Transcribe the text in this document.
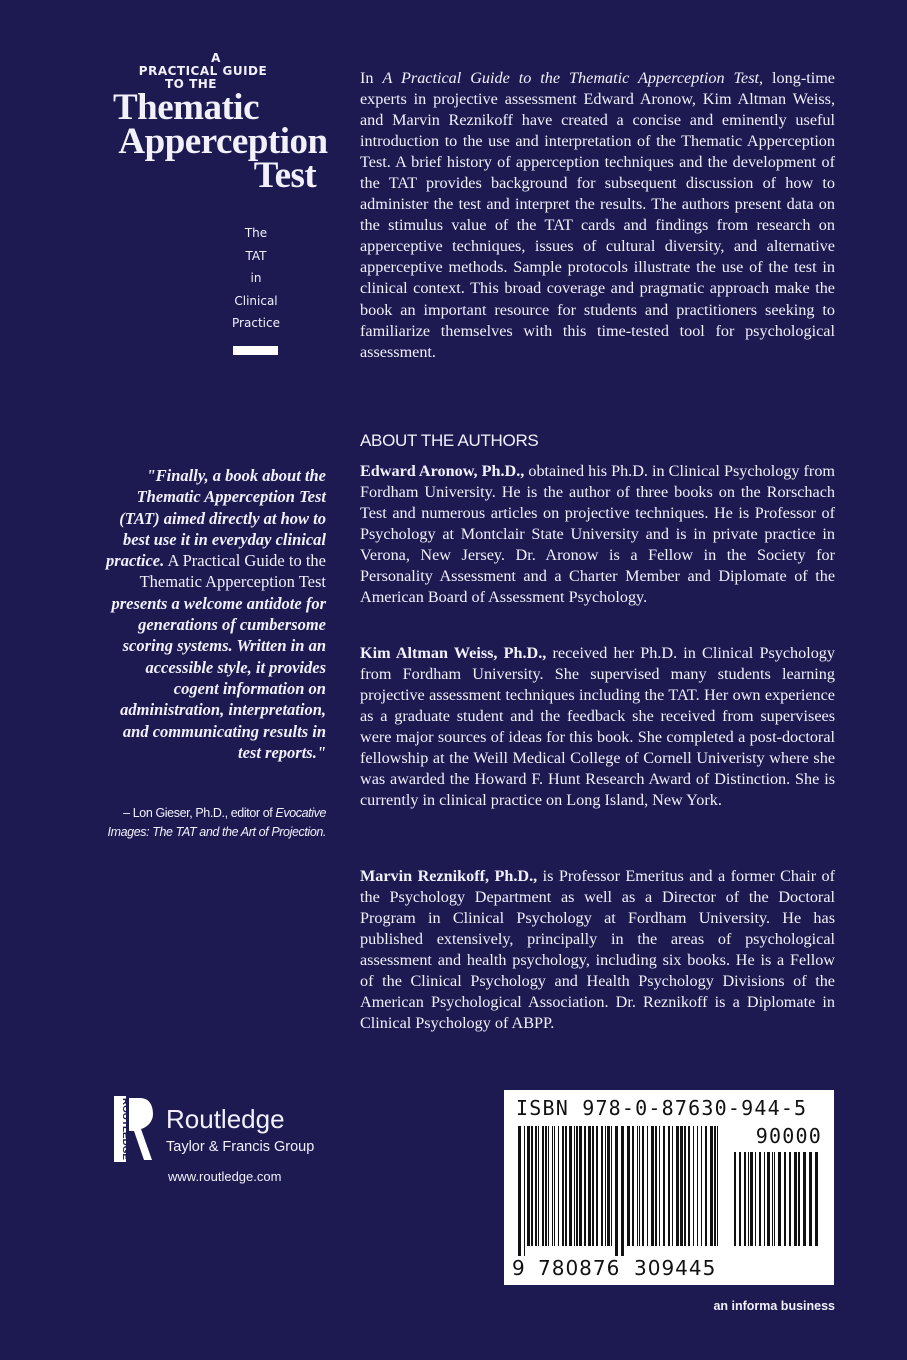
A
PRACTICAL GUIDE
TO THE
Thematic
Apperception
Test
The
TAT
in
Clinical
Practice
"Finally, a book about the Thematic Apperception Test (TAT) aimed directly at how to best use it in everyday clinical practice. A Practical Guide to the Thematic Apperception Test presents a welcome antidote for generations of cumbersome scoring systems. Written in an accessible style, it provides cogent information on administration, interpretation, and communicating results in test reports."
– Lon Gieser, Ph.D., editor of Evocative Images: The TAT and the Art of Projection.
ROUTLEDGE Routledge
Taylor & Francis Group
www.routledge.com

In A Practical Guide to the Thematic Apperception Test, long-time experts in projective assessment Edward Aronow, Kim Altman Weiss, and Marvin Reznikoff have created a concise and eminently useful introduction to the use and interpretation of the Thematic Apperception Test. A brief history of apperception techniques and the development of the TAT provides background for subsequent discussion of how to administer the test and interpret the results. The authors present data on the stimulus value of the TAT cards and findings from research on apperceptive techniques, issues of cultural diversity, and alternative apperceptive methods. Sample protocols illustrate the use of the test in clinical context. This broad coverage and pragmatic approach make the book an important resource for students and practitioners seeking to familiarize themselves with this time-tested tool for psychological assessment.

ABOUT THE AUTHORS

Edward Aronow, Ph.D., obtained his Ph.D. in Clinical Psychology from Fordham University. He is the author of three books on the Rorschach Test and numerous articles on projective techniques. He is Professor of Psychology at Montclair State University and is in private practice in Verona, New Jersey. Dr. Aronow is a Fellow in the Society for Personality Assessment and a Charter Member and Diplomate of the American Board of Assessment Psychology.

Kim Altman Weiss, Ph.D., received her Ph.D. in Clinical Psychology from Fordham University. She supervised many students learning projective assessment techniques including the TAT. Her own experience as a graduate student and the feedback she received from supervisees were major sources of ideas for this book. She completed a post-doctoral fellowship at the Weill Medical College of Cornell Univeristy where she was awarded the Howard F. Hunt Research Award of Distinction. She is currently in clinical practice on Long Island, New York.

Marvin Reznikoff, Ph.D., is Professor Emeritus and a former Chair of the Psychology Department as well as a Director of the Doctoral Program in Clinical Psychology at Fordham University. He has published extensively, principally in the areas of psychological assessment and health psychology, including six books. He is a Fellow of the Clinical Psychology and Health Psychology Divisions of the American Psychological Association. Dr. Reznikoff is a Diplomate in Clinical Psychology of ABPP.

ISBN 978-0-87630-944-5
90000
9 780876 309445
an informa business
